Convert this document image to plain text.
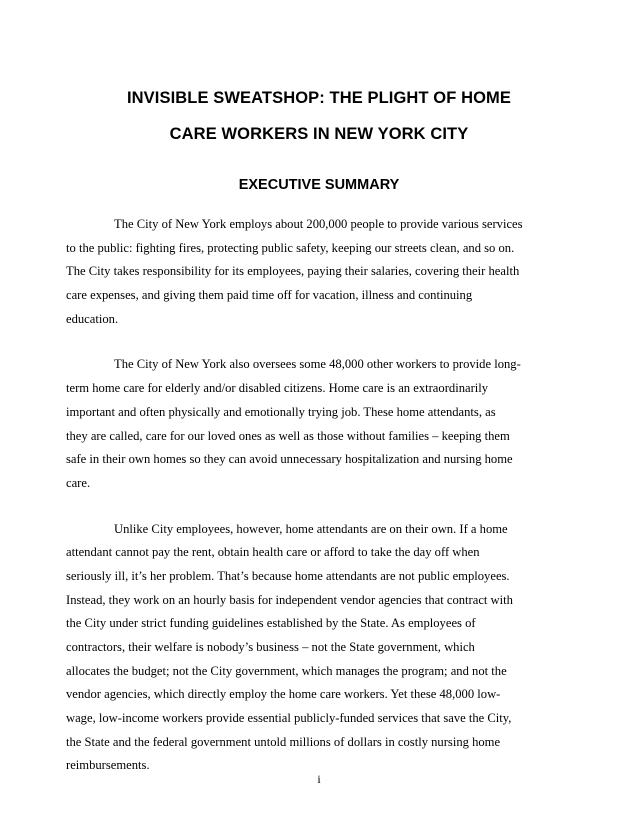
INVISIBLE SWEATSHOP: THE PLIGHT OF HOME
CARE WORKERS IN NEW YORK CITY
EXECUTIVE SUMMARY

The City of New York employs about 200,000 people to provide various services
to the public: fighting fires, protecting public safety, keeping our streets clean, and so on.
The City takes responsibility for its employees, paying their salaries, covering their health
care expenses, and giving them paid time off for vacation, illness and continuing
education.

The City of New York also oversees some 48,000 other workers to provide long-
term home care for elderly and/or disabled citizens. Home care is an extraordinarily
important and often physically and emotionally trying job. These home attendants, as
they are called, care for our loved ones as well as those without families – keeping them
safe in their own homes so they can avoid unnecessary hospitalization and nursing home
care.

Unlike City employees, however, home attendants are on their own. If a home
attendant cannot pay the rent, obtain health care or afford to take the day off when
seriously ill, it’s her problem. That’s because home attendants are not public employees.
Instead, they work on an hourly basis for independent vendor agencies that contract with
the City under strict funding guidelines established by the State. As employees of
contractors, their welfare is nobody’s business – not the State government, which
allocates the budget; not the City government, which manages the program; and not the
vendor agencies, which directly employ the home care workers. Yet these 48,000 low-
wage, low-income workers provide essential publicly-funded services that save the City,
the State and the federal government untold millions of dollars in costly nursing home
reimbursements.

i
